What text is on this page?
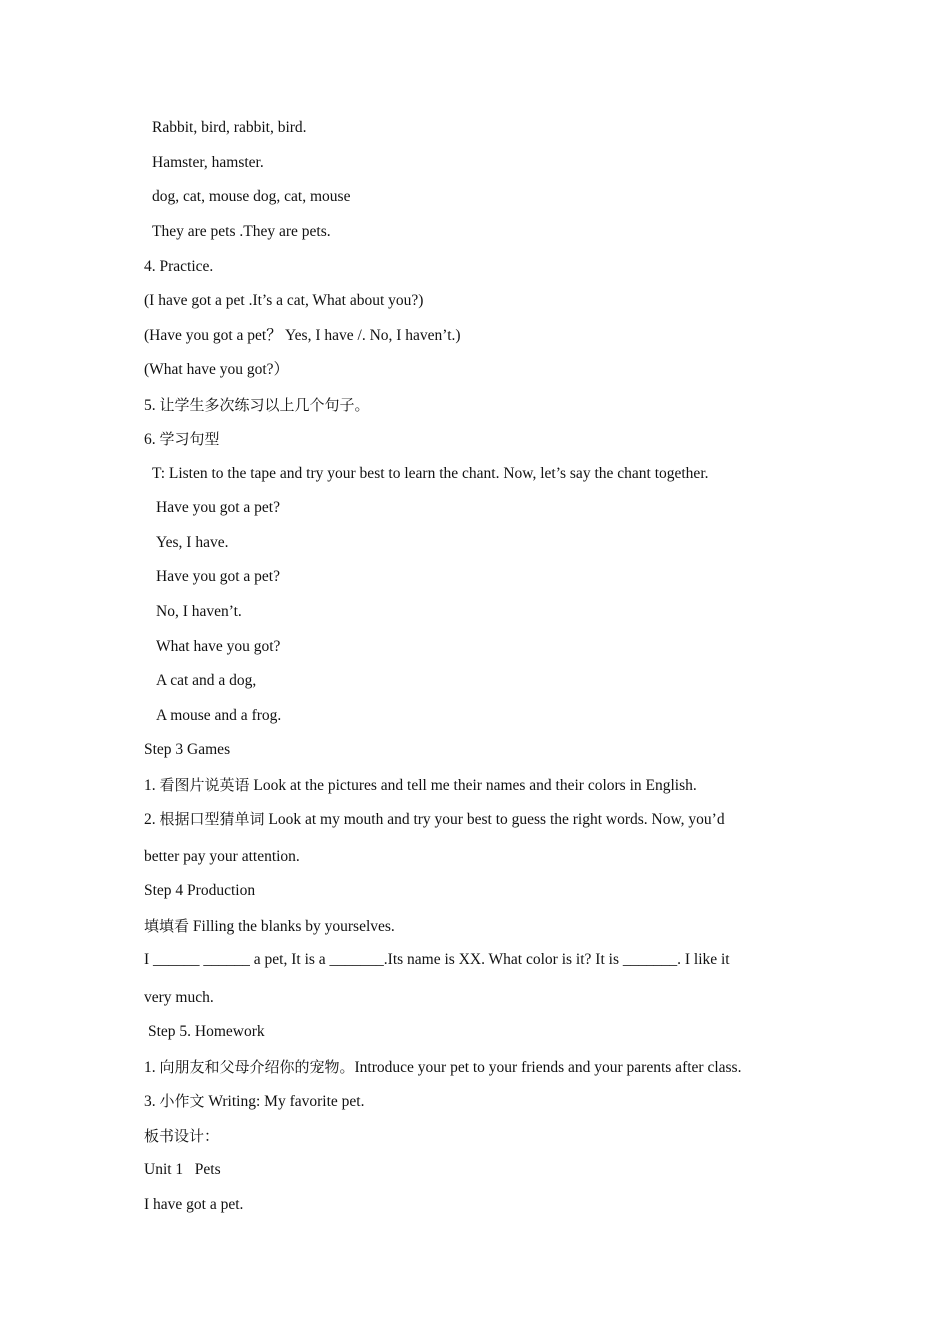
Rabbit, bird, rabbit, bird.
Hamster, hamster.
dog, cat, mouse dog, cat, mouse
They are pets .They are pets.
4. Practice.
(I have got a pet .It’s a cat, What about you?)
(Have you got a pet？ Yes, I have /. No, I haven’t.)
(What have you got?）
5. 让学生多次练习以上几个句子。
6. 学习句型
T: Listen to the tape and try your best to learn the chant. Now, let’s say the chant together.
Have you got a pet?
Yes, I have.
Have you got a pet?
No, I haven’t.
What have you got?
A cat and a dog,
A mouse and a frog.
Step 3 Games
1. 看图片说英语 Look at the pictures and tell me their names and their colors in English.
2. 根据口型猜单词 Look at my mouth and try your best to guess the right words. Now, you’d
better pay your attention.
Step 4 Production
填填看 Filling the blanks by yourselves.
I ______ ______ a pet, It is a _______.Its name is XX. What color is it? It is _______. I like it
very much.
Step 5. Homework
1. 向朋友和父母介绍你的宠物。Introduce your pet to your friends and your parents after class.
3. 小作文 Writing: My favorite pet.
板书设计：
Unit 1   Pets
I have got a pet.
